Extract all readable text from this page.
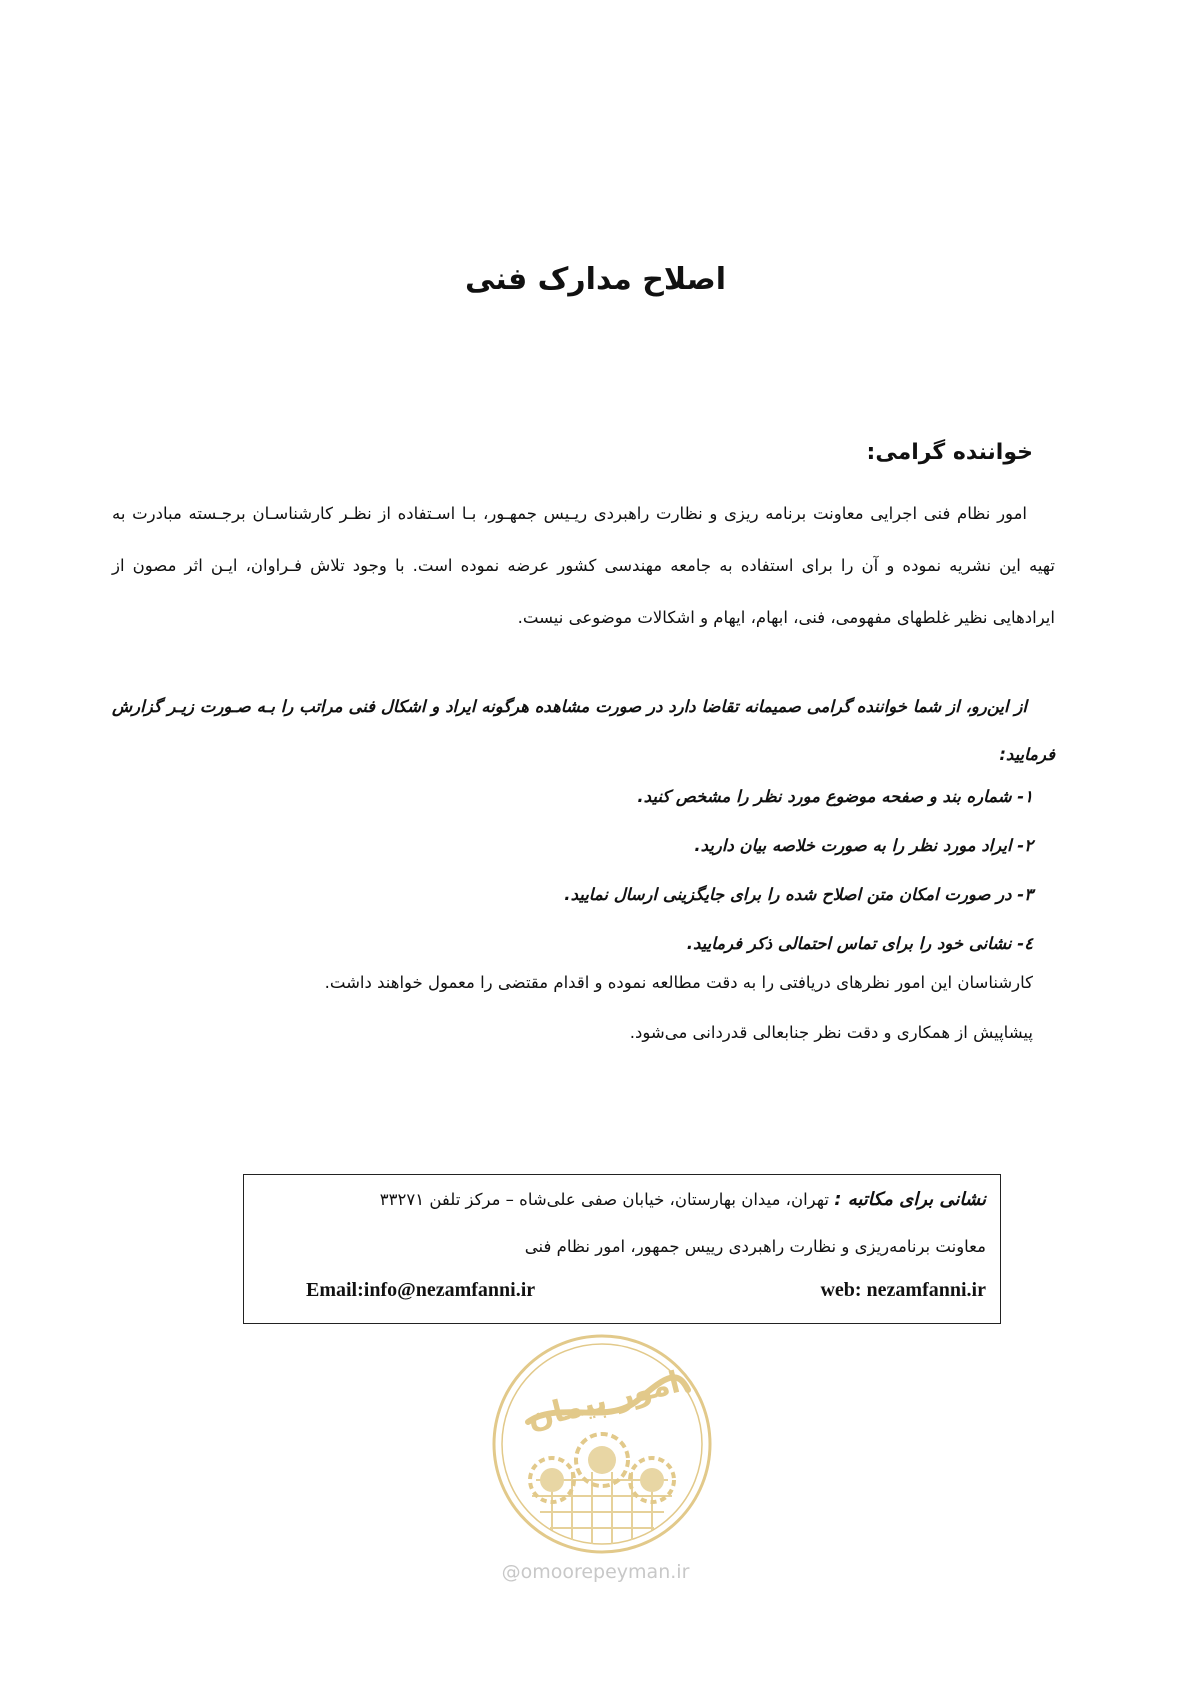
اصلاح مدارک فنی
خواننده گرامی:
امور نظام فنی اجرایی معاونت برنامه ریزی و نظارت راهبردی ریـیس جمهـور، بـا اسـتفاده از نظـر کارشناسـان برجـسته مبادرت به تهیه این نشریه نموده و آن را برای استفاده به جامعه مهندسی کشور عرضه نموده است. با وجود تلاش فـراوان، ایـن اثر مصون از ایرادهایی نظیر غلطهای مفهومی، فنی، ابهام، ایهام و اشکالات موضوعی نیست.
از این‌رو، از شما خواننده گرامی صمیمانه تقاضا دارد در صورت مشاهده هرگونه ایراد و اشکال فنی مراتب را بـه صـورت زیـر گزارش فرمایید:
١- شماره بند و صفحه موضوع مورد نظر را مشخص کنید.
٢- ایراد مورد نظر را به صورت خلاصه بیان دارید.
٣- در صورت امکان متن اصلاح شده را برای جایگزینی ارسال نمایید.
٤- نشانی خود را برای تماس احتمالی ذکر فرمایید.
کارشناسان این امور نظرهای دریافتی را به دقت مطالعه نموده و اقدام مقتضی را معمول خواهند داشت.
پیشاپیش از همکاری و دقت نظر جنابعالی قدردانی می‌شود.
نشانی برای مکاتبه : تهران، میدان بهارستان، خیابان صفی علی‌شاه – مرکز تلفن ۳۳۲۷۱
معاونت برنامه‌ریزی و نظارت راهبردی رییس جمهور، امور نظام فنی
web: nezamfanni.ir
Email:info@nezamfanni.ir
امور پیمان
@omoorepeyman.ir
